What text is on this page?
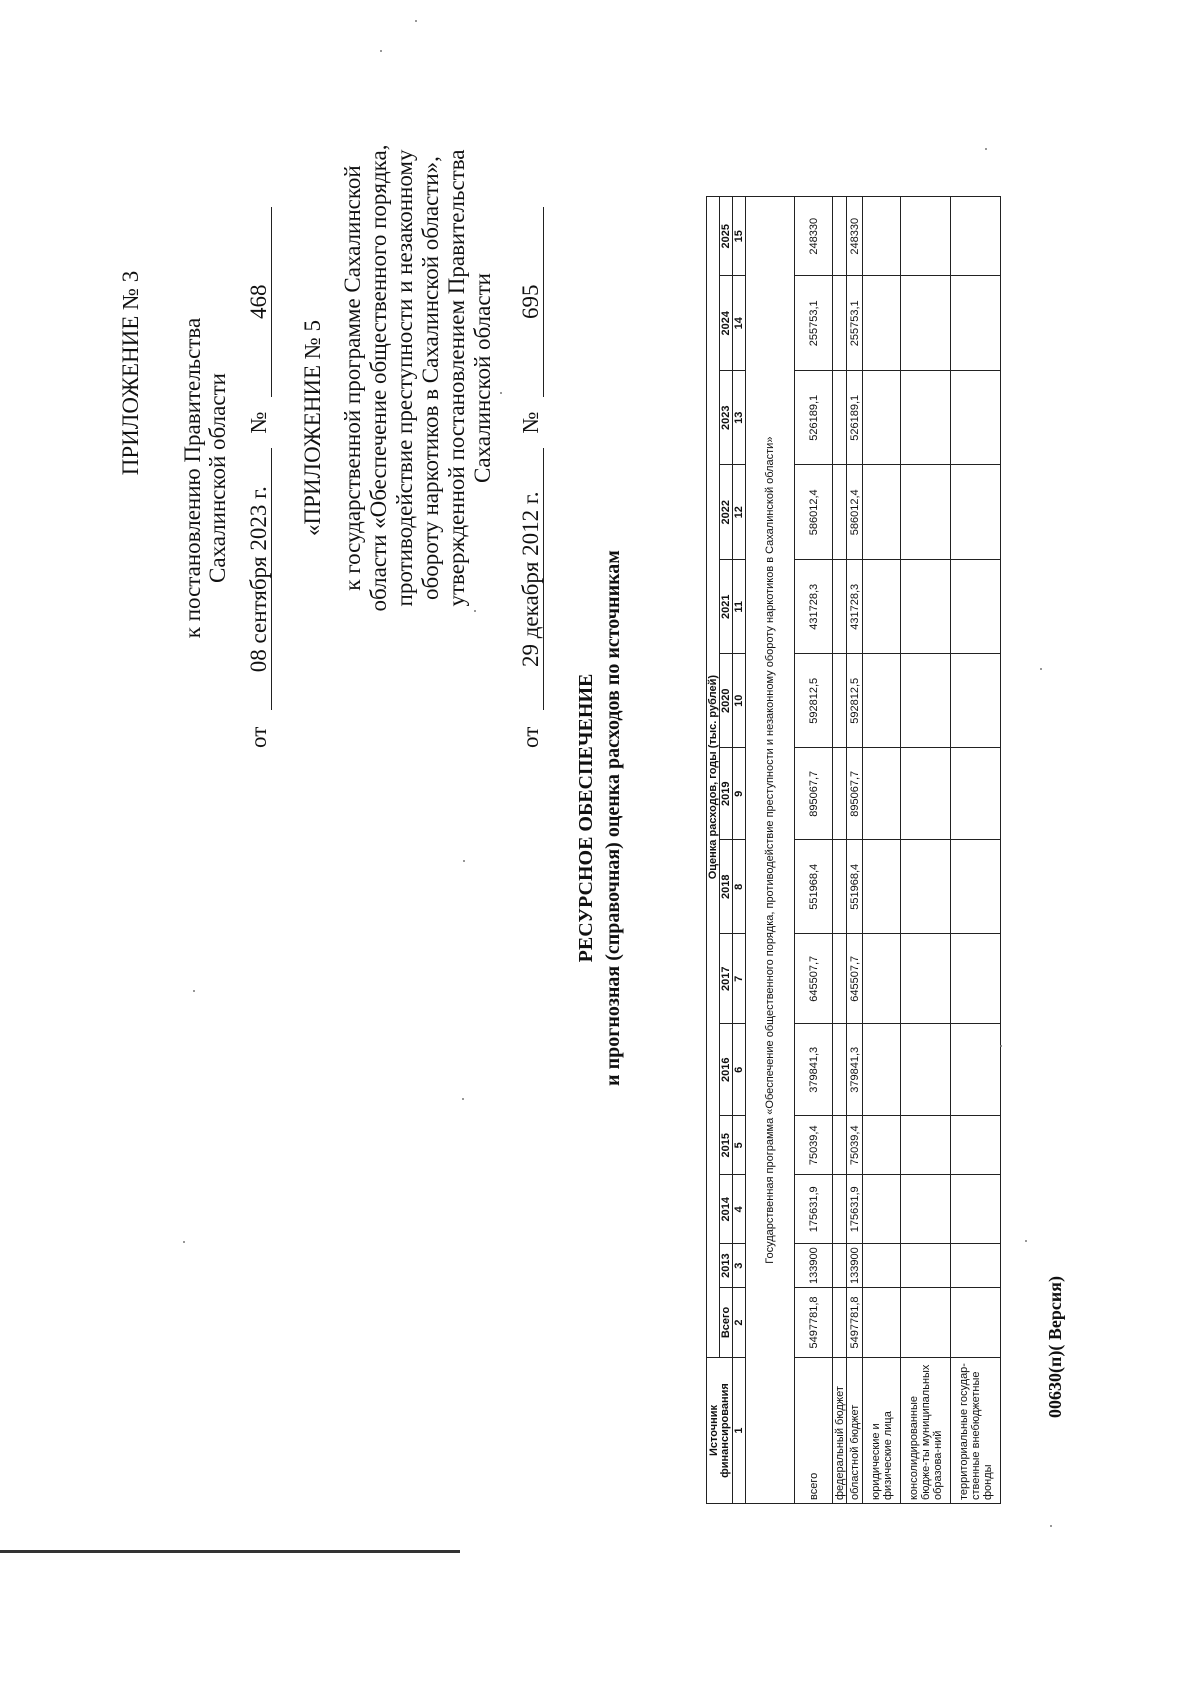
ПРИЛОЖЕНИЕ № 3 к постановлению Правительства Сахалинской области
от 08 сентября 2023 г. № 468
«ПРИЛОЖЕНИЕ № 5 к государственной программе Сахалинской области «Обеспечение общественного порядка, противодействие преступности и незаконному обороту наркотиков в Сахалинской области», утвержденной постановлением Правительства Сахалинской области
от 29 декабря 2012 г. № 695
РЕСУРСНОЕ ОБЕСПЕЧЕНИЕ и прогнозная (справочная) оценка расходов по источникам
Источник финансирования	Оценка расходов, годы (тыс. рублей)													
	Всего	2013	2014	2015	2016	2017	2018	2019	2020	2021	2022	2023	2024	2025
1	2	3	4	5	6	7	8	9	10	11	12	13	14	15
Государственная программа «Обеспечение общественного порядка, противодействие преступности и незаконному обороту наркотиков в Сахалинской области»														
всего	5497781,8	133900	175631,9	75039,4	379841,3	645507,7	551968,4	895067,7	592812,5	431728,3	586012,4	526189,1	255753,1	248330
федеральный бюджет														
областной бюджет	5497781,8	133900	175631,9	75039,4	379841,3	645507,7	551968,4	895067,7	592812,5	431728,3	586012,4	526189,1	255753,1	248330
юридические и физические лица														
консолидированные бюдже-ты муниципальных образова-ний														
территориальные государ-ственные внебюджетные фонды														
00630(п)( Версия)
